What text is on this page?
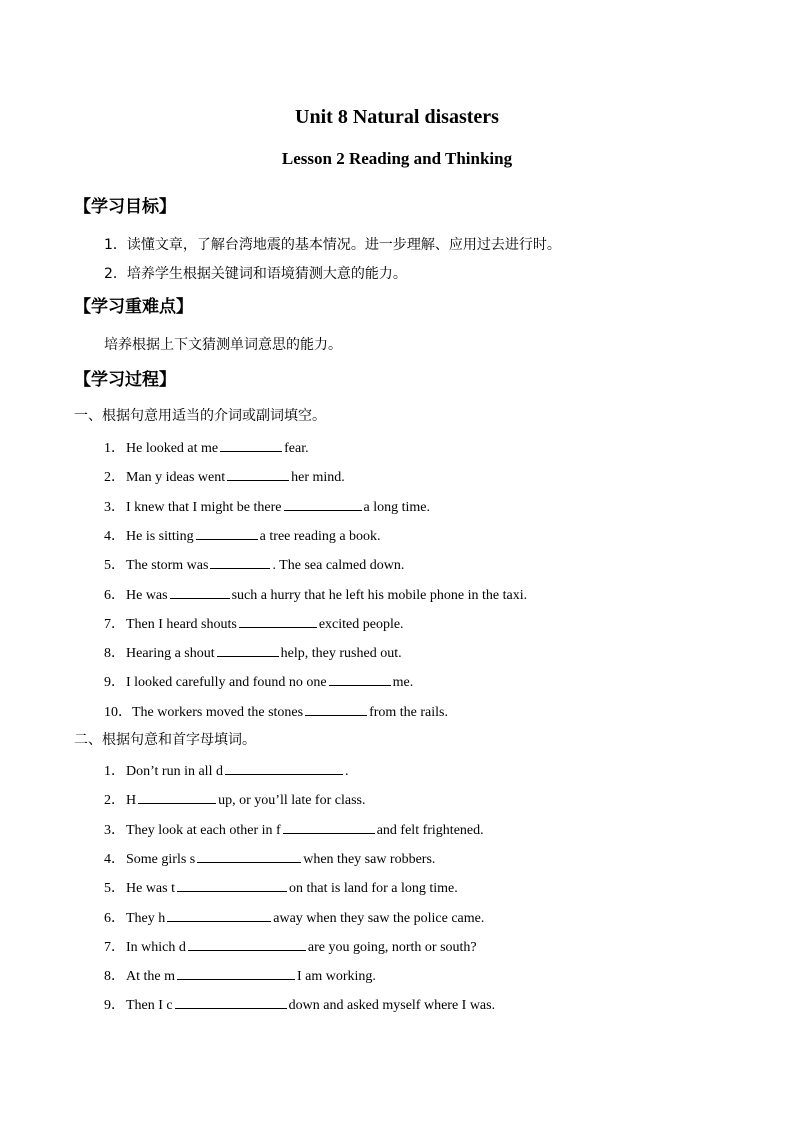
Unit 8 Natural disasters
Lesson 2 Reading and Thinking
【学习目标】
1．读懂文章，了解台湾地震的基本情况。进一步理解、应用过去进行时。
2．培养学生根据关键词和语境猜测大意的能力。
【学习重难点】
培养根据上下文猜测单词意思的能力。
【学习过程】
一、根据句意用适当的介词或副词填空。
1．He looked at me	fear.
2．Man y ideas went	her mind.
3．I knew that I might be there	a long time.
4．He is sitting	a tree reading a book.
5．The storm was	. The sea calmed down.
6．He was	such a hurry that he left his mobile phone in the taxi.
7．Then I heard shouts	excited people.
8．Hearing a shout	help, they rushed out.
9．I looked carefully and found no one	me.
10．The workers moved the stones	from the rails.
二、根据句意和首字母填词。
1．Don’t run in all d	.
2．H	up, or you’ll late for class.
3．They look at each other in f	and felt frightened.
4．Some girls s	when they saw robbers.
5．He was t	on that is land for a long time.
6．They h	away when they saw the police came.
7．In which d	are you going, north or south?
8．At the m	I am working.
9．Then I c	down and asked myself where I was.
